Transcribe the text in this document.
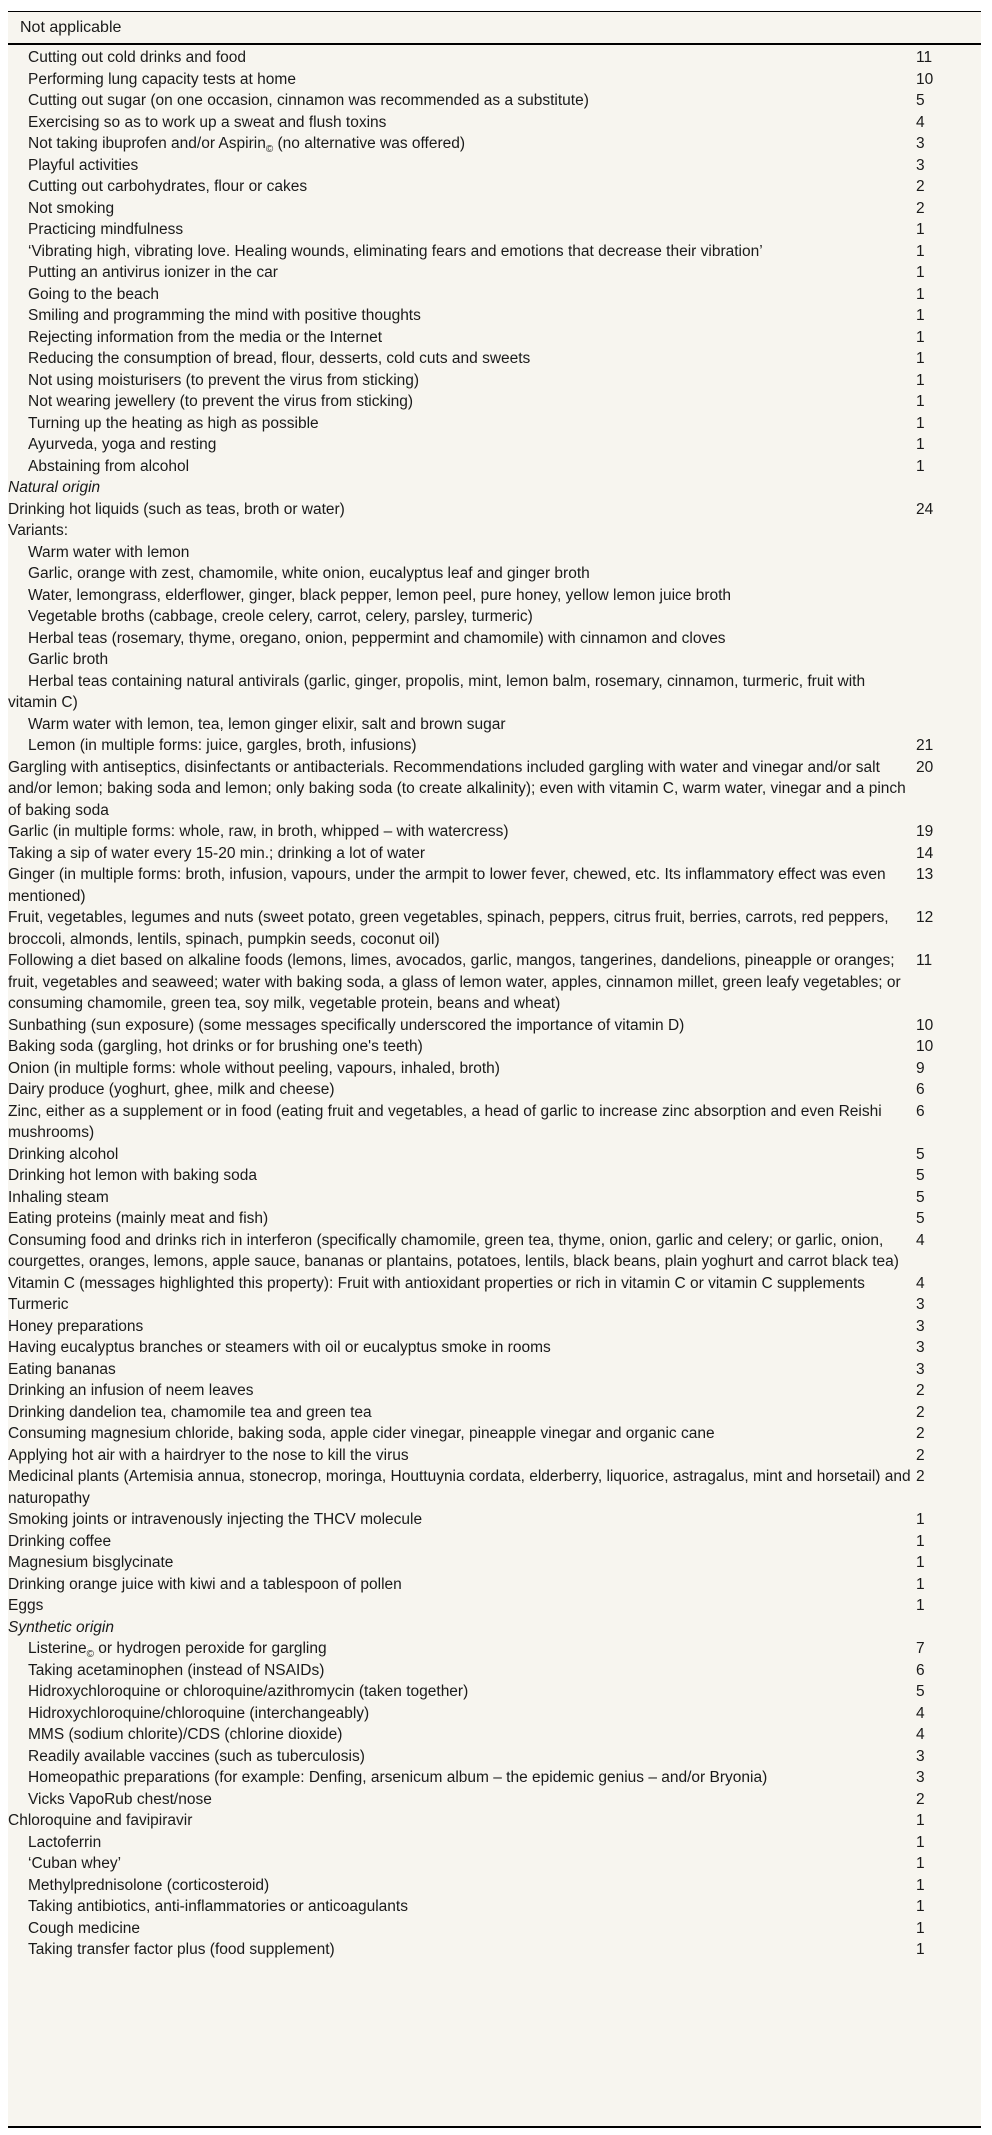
Not applicable
Cutting out cold drinks and food	11
Performing lung capacity tests at home	10
Cutting out sugar (on one occasion, cinnamon was recommended as a substitute)	5
Exercising so as to work up a sweat and flush toxins	4
Not taking ibuprofen and/or Aspirin$_©$ (no alternative was offered)	3
Playful activities	3
Cutting out carbohydrates, flour or cakes	2
Not smoking	2
Practicing mindfulness	1
‘Vibrating high, vibrating love. Healing wounds, eliminating fears and emotions that decrease their vibration’	1
Putting an antivirus ionizer in the car	1
Going to the beach	1
Smiling and programming the mind with positive thoughts	1
Rejecting information from the media or the Internet	1
Reducing the consumption of bread, flour, desserts, cold cuts and sweets	1
Not using moisturisers (to prevent the virus from sticking)	1
Not wearing jewellery (to prevent the virus from sticking)	1
Turning up the heating as high as possible	1
Ayurveda, yoga and resting	1
Abstaining from alcohol	1
Natural origin	
Drinking hot liquids (such as teas, broth or water)	24
Variants:	
Warm water with lemon	
Garlic, orange with zest, chamomile, white onion, eucalyptus leaf and ginger broth	
Water, lemongrass, elderflower, ginger, black pepper, lemon peel, pure honey, yellow lemon juice broth	
Vegetable broths (cabbage, creole celery, carrot, celery, parsley, turmeric)	
Herbal teas (rosemary, thyme, oregano, onion, peppermint and chamomile) with cinnamon and cloves	
Garlic broth	
Herbal teas containing natural antivirals (garlic, ginger, propolis, mint, lemon balm, rosemary, cinnamon, turmeric, fruit with vitamin C)	
Warm water with lemon, tea, lemon ginger elixir, salt and brown sugar	
Lemon (in multiple forms: juice, gargles, broth, infusions)	21
Gargling with antiseptics, disinfectants or antibacterials. Recommendations included gargling with water and vinegar and/or salt and/or lemon; baking soda and lemon; only baking soda (to create alkalinity); even with vitamin C, warm water, vinegar and a pinch of baking soda	20
Garlic (in multiple forms: whole, raw, in broth, whipped – with watercress)	19
Taking a sip of water every 15-20 min.; drinking a lot of water	14
Ginger (in multiple forms: broth, infusion, vapours, under the armpit to lower fever, chewed, etc. Its inflammatory effect was even mentioned)	13
Fruit, vegetables, legumes and nuts (sweet potato, green vegetables, spinach, peppers, citrus fruit, berries, carrots, red peppers, broccoli, almonds, lentils, spinach, pumpkin seeds, coconut oil)	12
Following a diet based on alkaline foods (lemons, limes, avocados, garlic, mangos, tangerines, dandelions, pineapple or oranges; fruit, vegetables and seaweed; water with baking soda, a glass of lemon water, apples, cinnamon millet, green leafy vegetables; or consuming chamomile, green tea, soy milk, vegetable protein, beans and wheat)	11
Sunbathing (sun exposure) (some messages specifically underscored the importance of vitamin D)	10
Baking soda (gargling, hot drinks or for brushing one's teeth)	10
Onion (in multiple forms: whole without peeling, vapours, inhaled, broth)	9
Dairy produce (yoghurt, ghee, milk and cheese)	6
Zinc, either as a supplement or in food (eating fruit and vegetables, a head of garlic to increase zinc absorption and even Reishi mushrooms)	6
Drinking alcohol	5
Drinking hot lemon with baking soda	5
Inhaling steam	5
Eating proteins (mainly meat and fish)	5
Consuming food and drinks rich in interferon (specifically chamomile, green tea, thyme, onion, garlic and celery; or garlic, onion, courgettes, oranges, lemons, apple sauce, bananas or plantains, potatoes, lentils, black beans, plain yoghurt and carrot black tea)	4
Vitamin C (messages highlighted this property): Fruit with antioxidant properties or rich in vitamin C or vitamin C supplements	4
Turmeric	3
Honey preparations	3
Having eucalyptus branches or steamers with oil or eucalyptus smoke in rooms	3
Eating bananas	3
Drinking an infusion of neem leaves	2
Drinking dandelion tea, chamomile tea and green tea	2
Consuming magnesium chloride, baking soda, apple cider vinegar, pineapple vinegar and organic cane	2
Applying hot air with a hairdryer to the nose to kill the virus	2
Medicinal plants (Artemisia annua, stonecrop, moringa, Houttuynia cordata, elderberry, liquorice, astragalus, mint and horsetail) and naturopathy	2
Smoking joints or intravenously injecting the THCV molecule	1
Drinking coffee	1
Magnesium bisglycinate	1
Drinking orange juice with kiwi and a tablespoon of pollen	1
Eggs	1
Synthetic origin	
Listerine$_©$ or hydrogen peroxide for gargling	7
Taking acetaminophen (instead of NSAIDs)	6
Hidroxychloroquine or chloroquine/azithromycin (taken together)	5
Hidroxychloroquine/chloroquine (interchangeably)	4
MMS (sodium chlorite)/CDS (chlorine dioxide)	4
Readily available vaccines (such as tuberculosis)	3
Homeopathic preparations (for example: Denfing, arsenicum album – the epidemic genius – and/or Bryonia)	3
Vicks VapoRub chest/nose	2
Chloroquine and favipiravir	1
Lactoferrin	1
‘Cuban whey’	1
Methylprednisolone (corticosteroid)	1
Taking antibiotics, anti-inflammatories or anticoagulants	1
Cough medicine	1
Taking transfer factor plus (food supplement)	1
